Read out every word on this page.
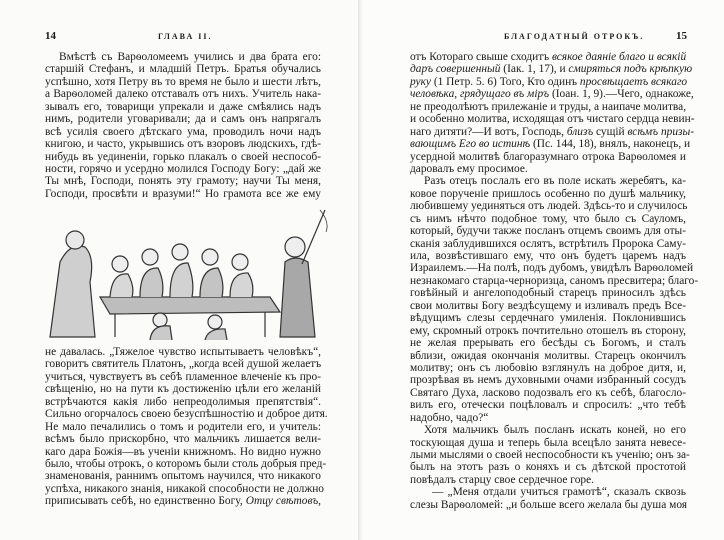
14	ГЛАВА II.
Вмѣстѣ съ Варѳоломеемъ учились и два брата его:
старшій Стефанъ, и младшій Петръ. Братья обучались
успѣшно, хотя Петру въ то время не было и шести лѣтъ,
а Варѳоломей далеко отставалъ отъ нихъ. Учитель нака-
зывалъ его, товарищи упрекали и даже смѣялись надъ
нимъ, родители уговаривали; да и самъ онъ напрягалъ
всѣ усилія своего дѣтскаго ума, проводилъ ночи надъ
книгою, и часто, укрывшись отъ взоровъ людскихъ, гдѣ-
нибудь въ уединеніи, горько плакалъ о своей неспособ-
ности, горячо и усердно молился Господу Богу: „дай же
Ты мнѣ, Господи, понять эту грамоту; научи Ты меня,
Господи, просвѣти и вразуми!“ Но грамота все же ему
не давалась. „Тяжелое чувство испытываетъ человѣкъ“,
говоритъ святитель Платонъ, „когда всей душой желаетъ
учиться, чувствуетъ въ себѣ пламенное влеченіе къ про-
свѣщенію, но на пути къ достиженію цѣли его желаній
встрѣчаются какія либо непреодолимыя препятствія“.
Сильно огорчалось своею безуспѣшностію и доброе дитя.
Не мало печалились о томъ и родители его, и учитель:
всѣмъ было прискорбно, что мальчикъ лишается вели-
каго дара Божія—въ ученіи книжномъ. Но видно нужно
было, чтобы отрокъ, о которомъ были столь добрыя пред-
знаменованія, раннимъ опытомъ научился, что никакого
успѣха, никакого знанія, никакой способности не должно
приписывать себѣ, но единственно Богу, Отцу свѣтовъ,
БЛАГОДАТНЫЙ ОТРОКЪ.	15
отъ Котораго свыше сходитъ всякое даяніе благо и всякій
даръ совершенный (Іак. 1, 17), и смиряться подъ крѣпкую
руку (1 Петр. 5. 6) Того, Кто одинъ просвѣщаетъ всякаго
человѣка, грядущаго въ міръ (Іоан. 1, 9).—Чего, однакоже,
не преодолѣютъ прилежаніе и труды, а наипаче молитва,
и особенно молитва, исходящая отъ чистаго сердца невин-
наго дитяти?—И вотъ, Господь, близъ сущій всѣмъ призы-
вающимъ Его во истинѣ (Пс. 144, 18), внялъ, наконецъ, и
усердной молитвѣ благоразумнаго отрока Варѳоломея и
даровалъ ему просимое.
Разъ отецъ послалъ его въ поле искать жеребятъ, ка-
ковое порученіе пришлось особенно по душѣ мальчику,
любившему уединяться отъ людей. Здѣсь-то и случилось
съ нимъ нѣчто подобное тому, что было съ Сауломъ,
который, будучи также посланъ отцемъ своимъ для оты-
сканія заблудившихся ослятъ, встрѣтилъ Пророка Саму-
ила, возвѣстившаго ему, что онъ будетъ царемъ надъ
Израилемъ.—На полѣ, подъ дубомъ, увидѣлъ Варѳоломей
незнакомаго старца-черноризца, саномъ пресвитера; благо-
говѣйный и ангелоподобный старецъ приносилъ здѣсь
свои молитвы Богу вездѣсущему и изливалъ предъ Все-
вѣдущимъ слезы сердечнаго умиленія. Поклонившись
ему, скромный отрокъ почтительно отошелъ въ сторону,
не желая прерывать его бесѣды съ Богомъ, и сталъ
вблизи, ожидая окончанія молитвы. Старецъ окончилъ
молитву; онъ съ любовію взглянулъ на доброе дитя, и,
прозрѣвая въ немъ духовными очами избранный сосудъ
Святаго Духа, ласково подозвалъ его къ себѣ, благосло-
вилъ его, отечески поцѣловалъ и спросилъ: „что тебѣ
надобно, чадо?“
Хотя мальчикъ былъ посланъ искать коней, но его
тоскующая душа и теперь была всецѣло занята невесе-
лыми мыслями о своей неспособности къ ученію; онъ за-
былъ на этотъ разъ о коняхъ и съ дѣтской простотой
повѣдалъ старцу свое сердечное горе.
— „Меня отдали учиться грамотѣ“, сказалъ сквозь
слезы Варѳоломей: „и больше всего желала бы душа моя
